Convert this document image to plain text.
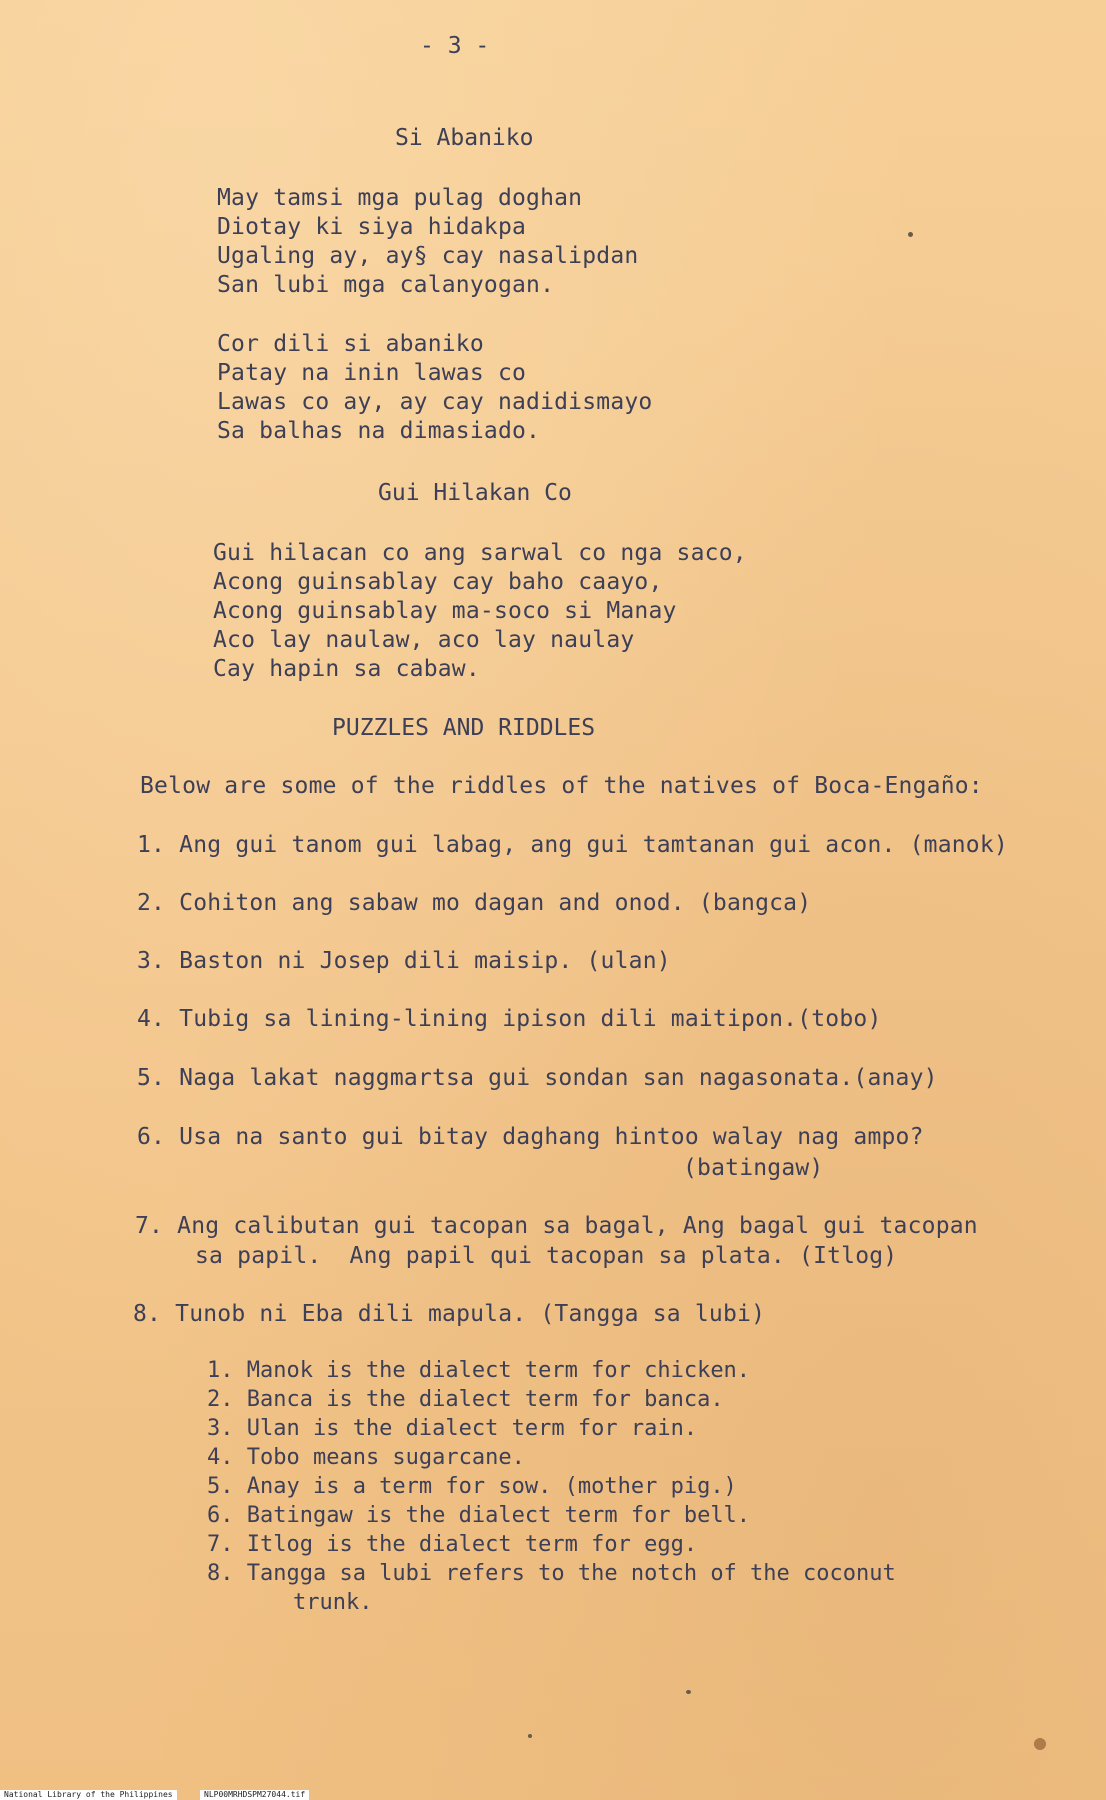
- 3 -
Si Abaniko
May tamsi mga pulag doghan
Diotay ki siya hidakpa
Ugaling ay, ay§ cay nasalipdan
San lubi mga calanyogan.
Cor dili si abaniko
Patay na inin lawas co
Lawas co ay, ay cay nadidismayo
Sa balhas na dimasiado.
Gui Hilakan Co
Gui hilacan co ang sarwal co nga saco,
Acong guinsablay cay baho caayo,
Acong guinsablay ma-soco si Manay
Aco lay naulaw, aco lay naulay
Cay hapin sa cabaw.
PUZZLES AND RIDDLES
Below are some of the riddles of the natives of Boca-Engaño:
1. Ang gui tanom gui labag, ang gui tamtanan gui acon. (manok)
2. Cohiton ang sabaw mo dagan and onod. (bangca)
3. Baston ni Josep dili maisip. (ulan)
4. Tubig sa lining-lining ipison dili maitipon.(tobo)
5. Naga lakat naggmartsa gui sondan san nagasonata.(anay)
6. Usa na santo gui bitay daghang hintoo walay nag ampo?
(batingaw)
7. Ang calibutan gui tacopan sa bagal, Ang bagal gui tacopan
sa papil.  Ang papil qui tacopan sa plata. (Itlog)
8. Tunob ni Eba dili mapula. (Tangga sa lubi)
1. Manok is the dialect term for chicken.
2. Banca is the dialect term for banca.
3. Ulan is the dialect term for rain.
4. Tobo means sugarcane.
5. Anay is a term for sow. (mother pig.)
6. Batingaw is the dialect term for bell.
7. Itlog is the dialect term for egg.
8. Tangga sa lubi refers to the notch of the coconut
trunk.
National Library of the Philippines	NLP00MRHDSPM27044.tif
